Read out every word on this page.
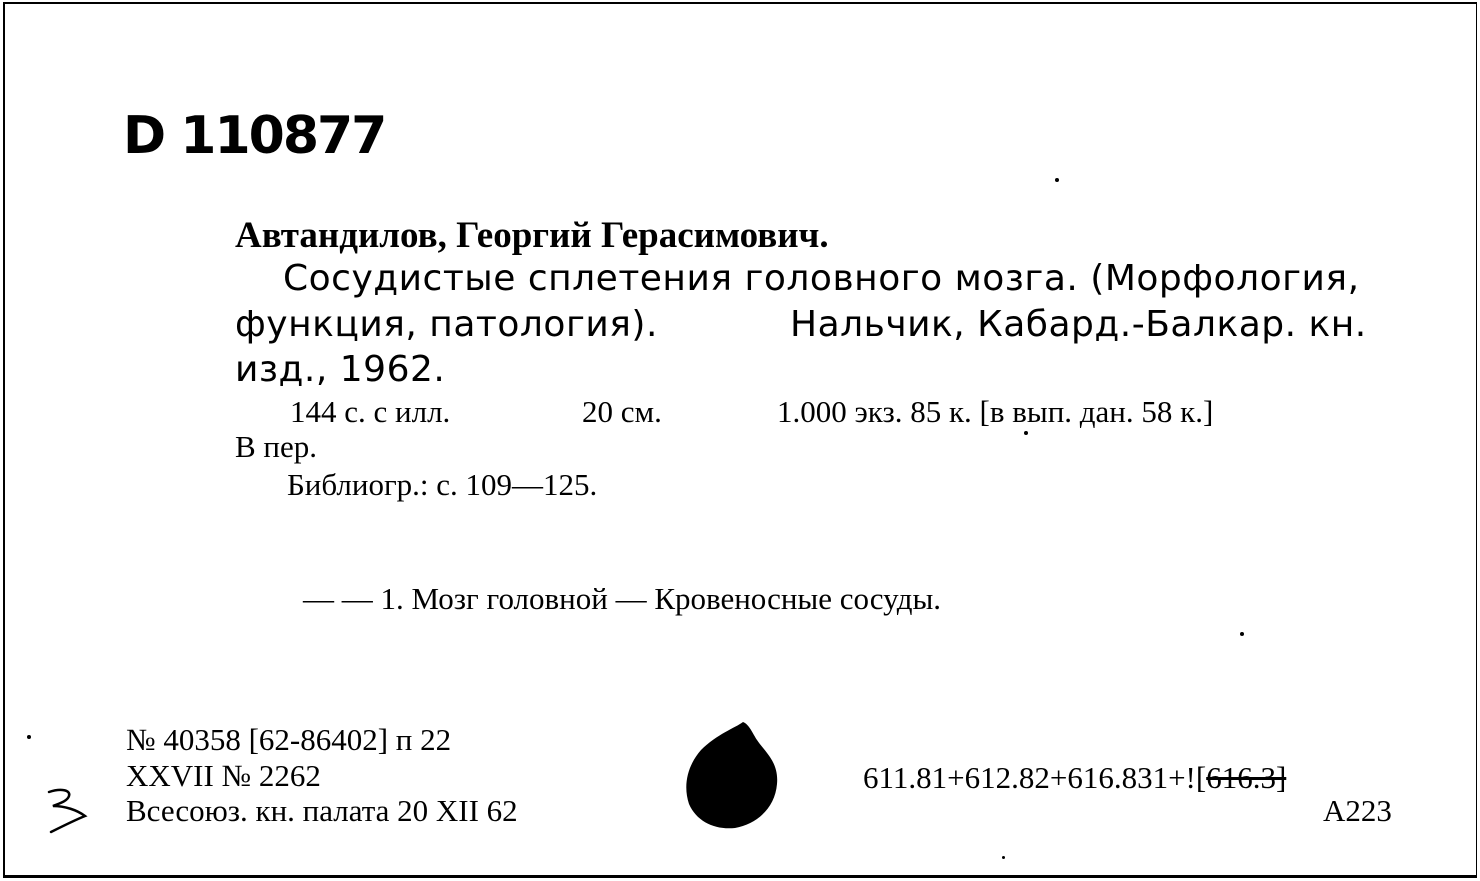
D 110877
Автандилов, Георгий Герасимович.
Сосудистые сплетения головного мозга. (Морфология,
функция, патология).	Нальчик, Кабард.-Балкар. кн.
изд., 1962.
144 с. с илл.	20 см.	1.000 экз. 85 к. [в вып. дан. 58 к.]
В пер.
Библиогр.: с. 109—125.
— — 1. Мозг головной — Кровеносные сосуды.
№ 40358 [62-86402] п 22
XXVII № 2262
Всесоюз. кн. палата 20 XII 62
611.81+612.82+616.831+![616.3]
A223
